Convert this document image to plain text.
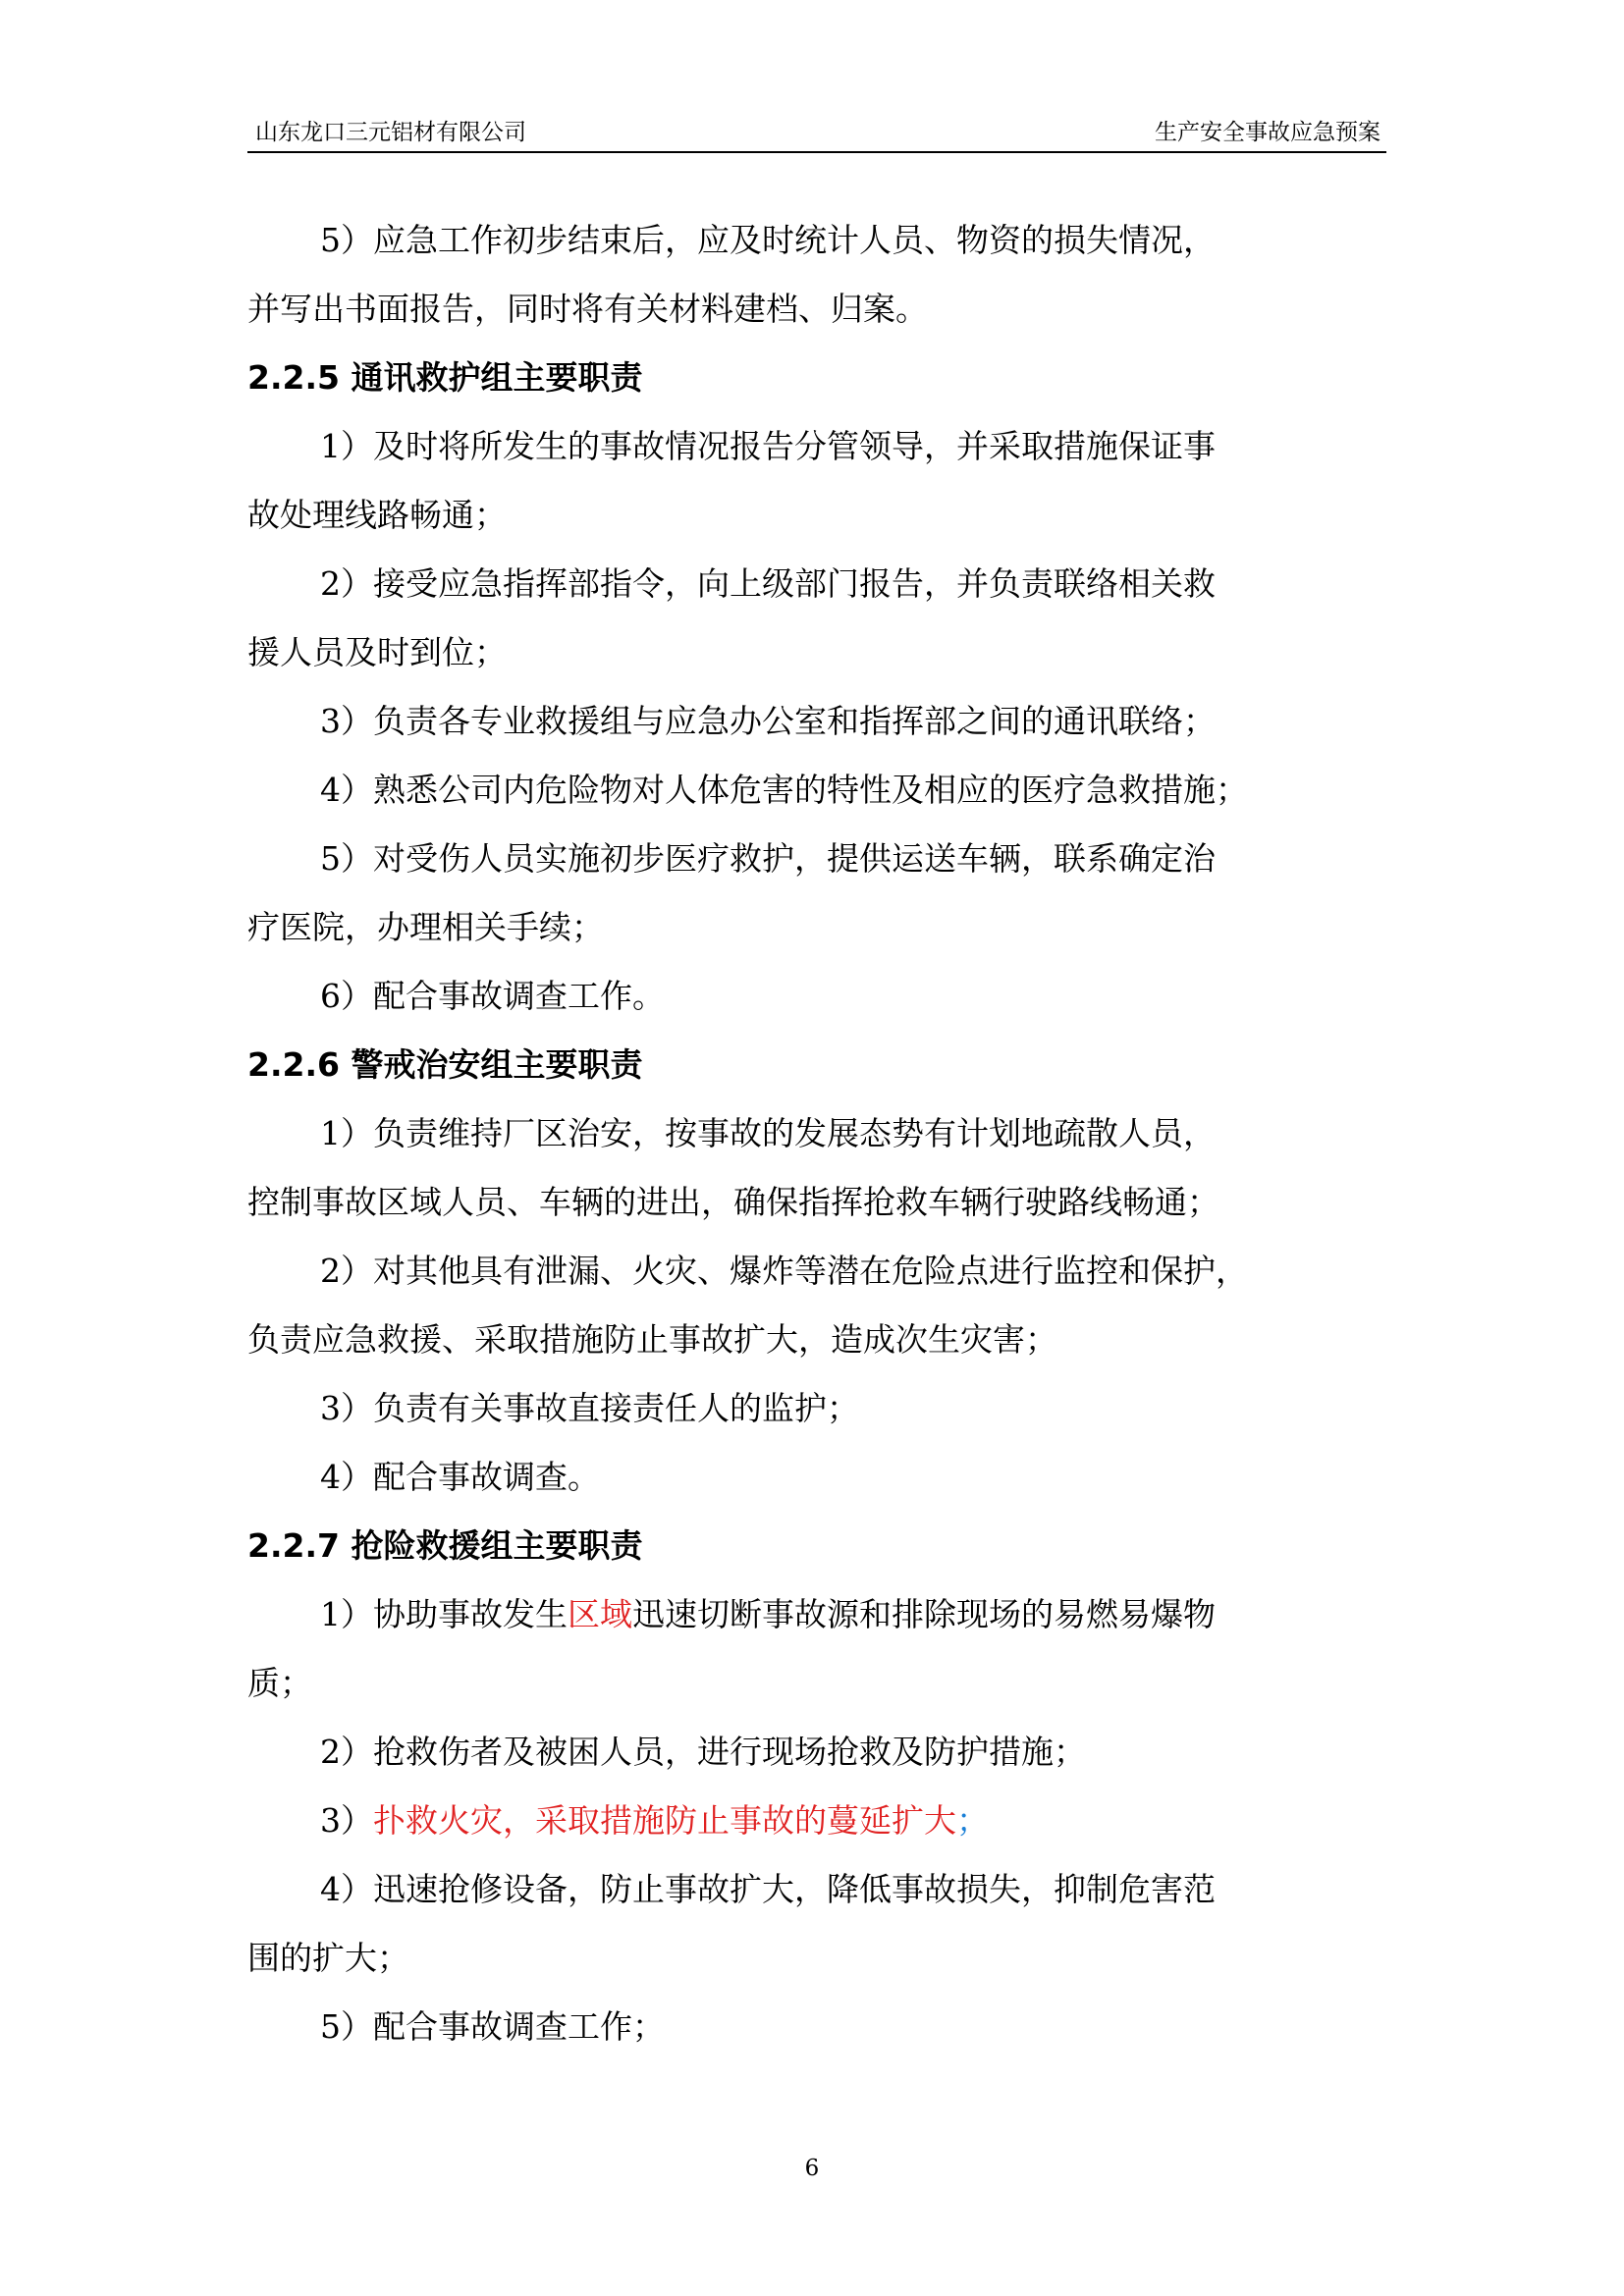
山东龙口三元铝材有限公司	生产安全事故应急预案
5）应急工作初步结束后，应及时统计人员、物资的损失情况，
并写出书面报告，同时将有关材料建档、归案。
2.2.5 通讯救护组主要职责
1）及时将所发生的事故情况报告分管领导，并采取措施保证事
故处理线路畅通；
2）接受应急指挥部指令，向上级部门报告，并负责联络相关救
援人员及时到位；
3）负责各专业救援组与应急办公室和指挥部之间的通讯联络；
4）熟悉公司内危险物对人体危害的特性及相应的医疗急救措施；
5）对受伤人员实施初步医疗救护，提供运送车辆，联系确定治
疗医院，办理相关手续；
6）配合事故调查工作。
2.2.6 警戒治安组主要职责
1）负责维持厂区治安，按事故的发展态势有计划地疏散人员，
控制事故区域人员、车辆的进出，确保指挥抢救车辆行驶路线畅通；
2）对其他具有泄漏、火灾、爆炸等潜在危险点进行监控和保护，
负责应急救援、采取措施防止事故扩大，造成次生灾害；
3）负责有关事故直接责任人的监护；
4）配合事故调查。
2.2.7 抢险救援组主要职责
1）协助事故发生区域迅速切断事故源和排除现场的易燃易爆物
质；
2）抢救伤者及被困人员，进行现场抢救及防护措施；
3）扑救火灾，采取措施防止事故的蔓延扩大；
4）迅速抢修设备，防止事故扩大，降低事故损失，抑制危害范
围的扩大；
5）配合事故调查工作；
6
